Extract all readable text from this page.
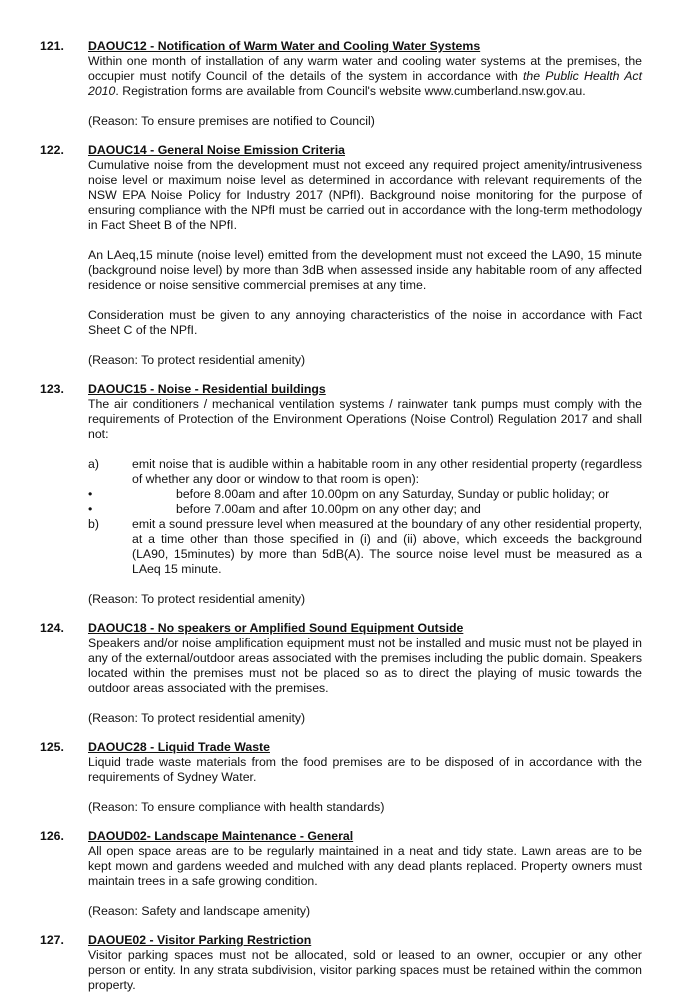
121. DAOUC12 - Notification of Warm Water and Cooling Water Systems

Within one month of installation of any warm water and cooling water systems at the premises, the occupier must notify Council of the details of the system in accordance with the Public Health Act 2010. Registration forms are available from Council's website www.cumberland.nsw.gov.au.

(Reason: To ensure premises are notified to Council)

122. DAOUC14 - General Noise Emission Criteria

Cumulative noise from the development must not exceed any required project amenity/intrusiveness noise level or maximum noise level as determined in accordance with relevant requirements of the NSW EPA Noise Policy for Industry 2017 (NPfI). Background noise monitoring for the purpose of ensuring compliance with the NPfI must be carried out in accordance with the long-term methodology in Fact Sheet B of the NPfI.

An LAeq,15 minute (noise level) emitted from the development must not exceed the LA90, 15 minute (background noise level) by more than 3dB when assessed inside any habitable room of any affected residence or noise sensitive commercial premises at any time.

Consideration must be given to any annoying characteristics of the noise in accordance with Fact Sheet C of the NPfI.

(Reason: To protect residential amenity)

123. DAOUC15 - Noise - Residential buildings

The air conditioners / mechanical ventilation systems / rainwater tank pumps must comply with the requirements of Protection of the Environment Operations (Noise Control) Regulation 2017 and shall not:

a)	emit noise that is audible within a habitable room in any other residential property (regardless of whether any door or window to that room is open):
•	before 8.00am and after 10.00pm on any Saturday, Sunday or public holiday; or
•	before 7.00am and after 10.00pm on any other day; and
b)	emit a sound pressure level when measured at the boundary of any other residential property, at a time other than those specified in (i) and (ii) above, which exceeds the background (LA90, 15minutes) by more than 5dB(A). The source noise level must be measured as a LAeq 15 minute.

(Reason: To protect residential amenity)

124. DAOUC18 - No speakers or Amplified Sound Equipment Outside

Speakers and/or noise amplification equipment must not be installed and music must not be played in any of the external/outdoor areas associated with the premises including the public domain. Speakers located within the premises must not be placed so as to direct the playing of music towards the outdoor areas associated with the premises.

(Reason: To protect residential amenity)

125. DAOUC28 - Liquid Trade Waste

Liquid trade waste materials from the food premises are to be disposed of in accordance with the requirements of Sydney Water.

(Reason: To ensure compliance with health standards)

126. DAOUD02- Landscape Maintenance - General

All open space areas are to be regularly maintained in a neat and tidy state. Lawn areas are to be kept mown and gardens weeded and mulched with any dead plants replaced. Property owners must maintain trees in a safe growing condition.

(Reason: Safety and landscape amenity)

127. DAOUE02 - Visitor Parking Restriction

Visitor parking spaces must not be allocated, sold or leased to an owner, occupier or any other person or entity. In any strata subdivision, visitor parking spaces must be retained within the common property.
